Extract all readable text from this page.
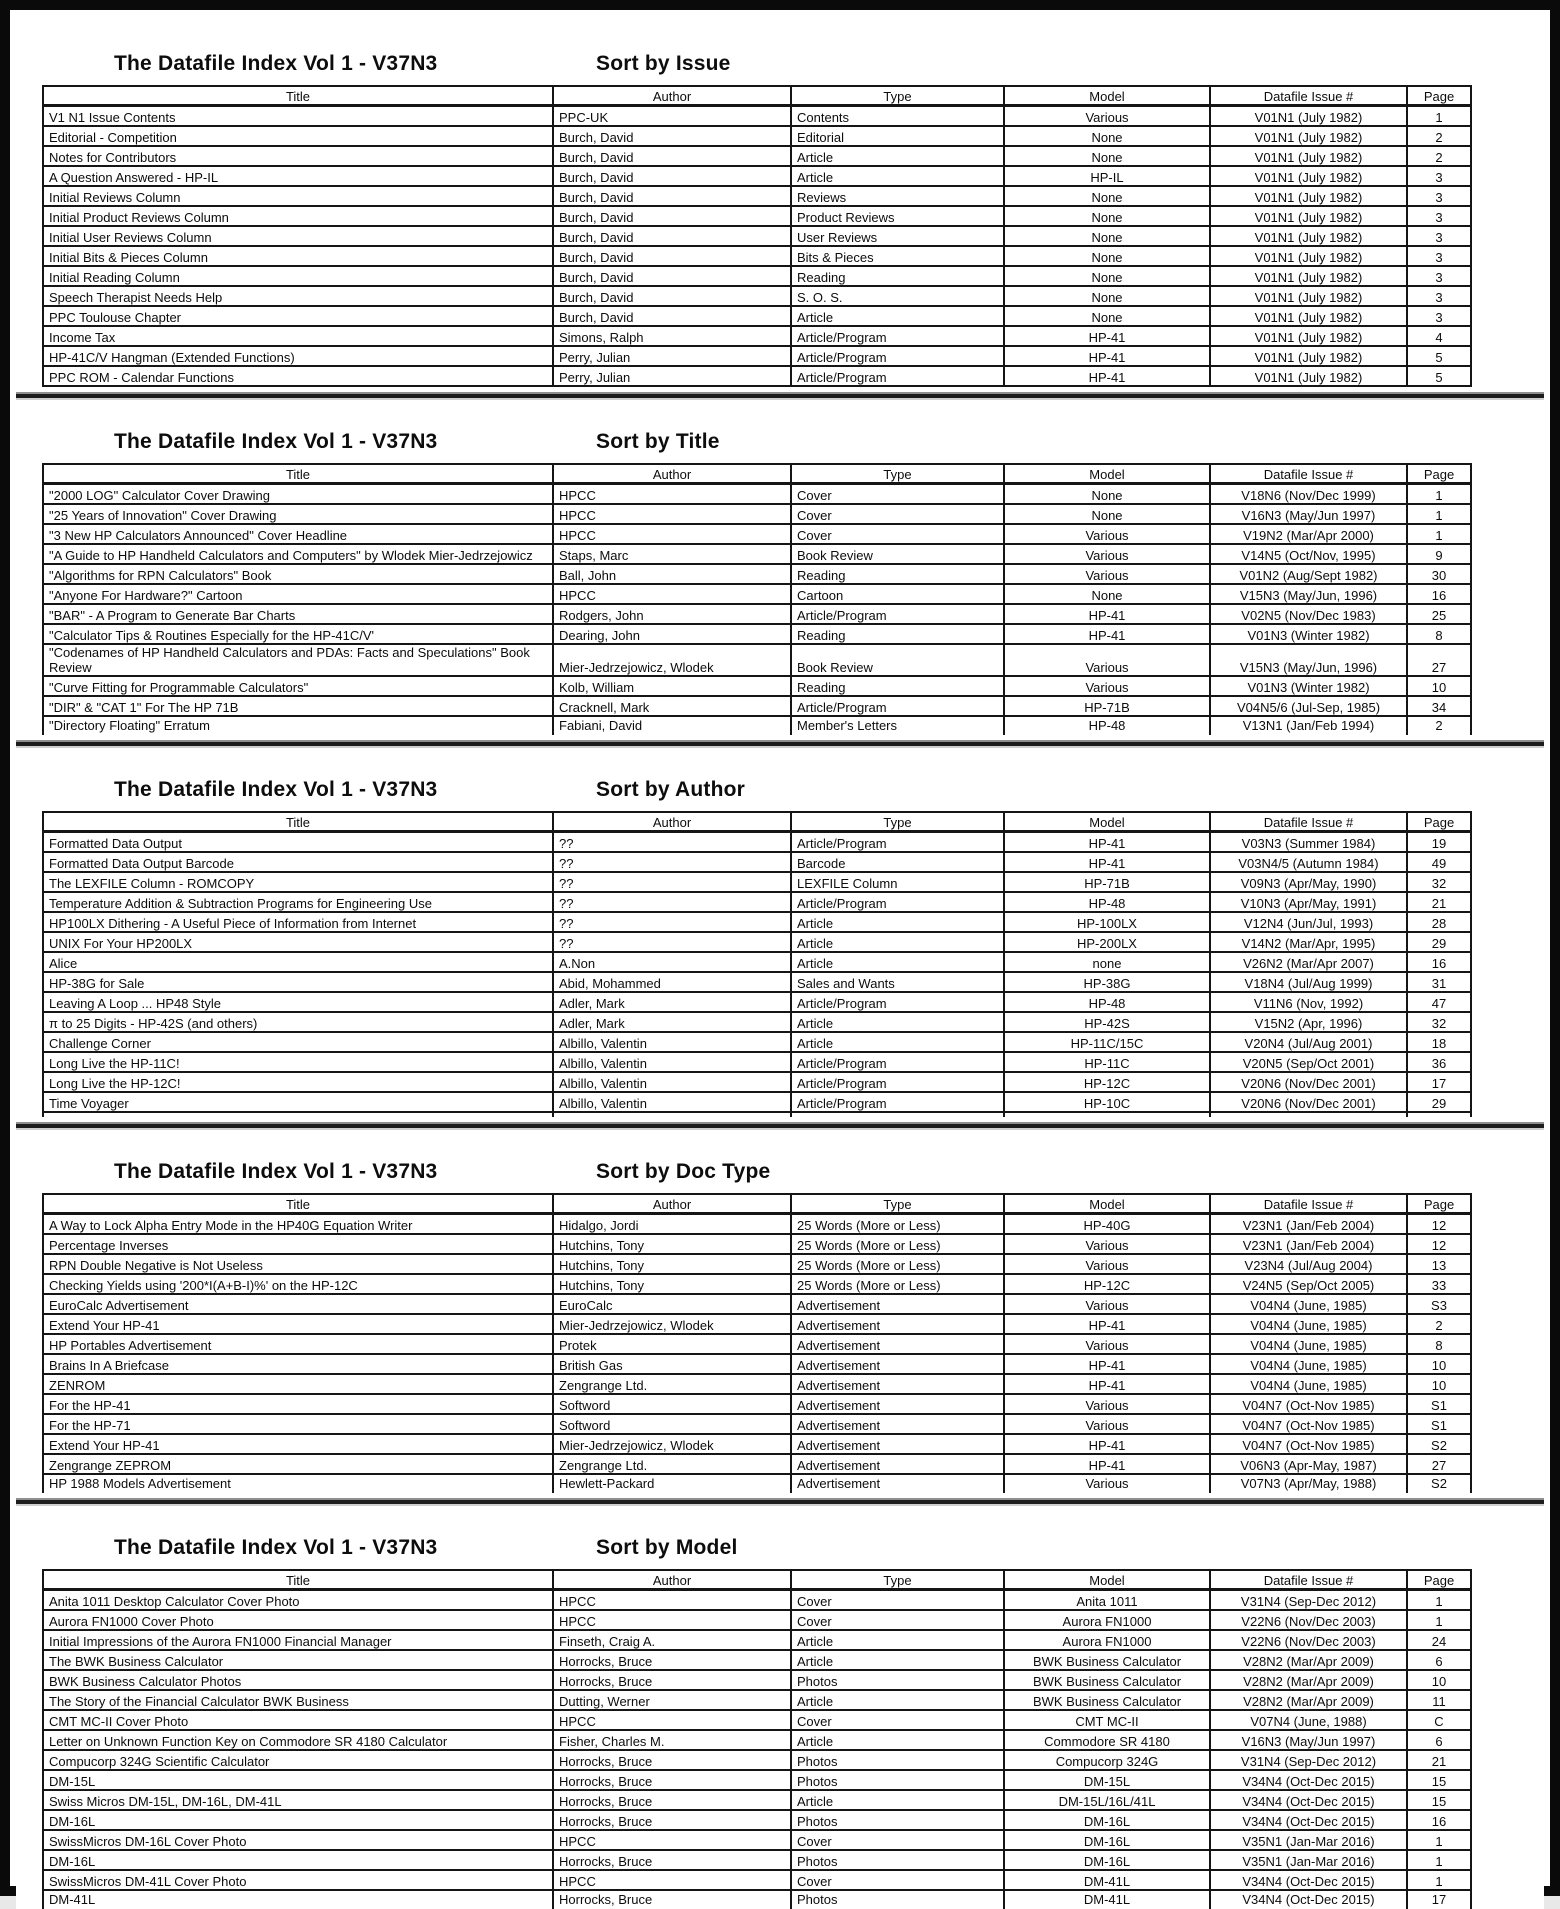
The Datafile Index Vol 1 - V37N3	Sort by Issue
Title	Author	Type	Model	Datafile Issue #	Page
V1 N1 Issue Contents	PPC-UK	Contents	Various	V01N1 (July 1982)	1
Editorial - Competition	Burch, David	Editorial	None	V01N1 (July 1982)	2
Notes for Contributors	Burch, David	Article	None	V01N1 (July 1982)	2
A Question Answered - HP-IL	Burch, David	Article	HP-IL	V01N1 (July 1982)	3
Initial Reviews Column	Burch, David	Reviews	None	V01N1 (July 1982)	3
Initial Product Reviews Column	Burch, David	Product Reviews	None	V01N1 (July 1982)	3
Initial User Reviews Column	Burch, David	User Reviews	None	V01N1 (July 1982)	3
Initial Bits & Pieces Column	Burch, David	Bits & Pieces	None	V01N1 (July 1982)	3
Initial Reading Column	Burch, David	Reading	None	V01N1 (July 1982)	3
Speech Therapist Needs Help	Burch, David	S. O. S.	None	V01N1 (July 1982)	3
PPC Toulouse Chapter	Burch, David	Article	None	V01N1 (July 1982)	3
Income Tax	Simons, Ralph	Article/Program	HP-41	V01N1 (July 1982)	4
HP-41C/V Hangman (Extended Functions)	Perry, Julian	Article/Program	HP-41	V01N1 (July 1982)	5
PPC ROM - Calendar Functions	Perry, Julian	Article/Program	HP-41	V01N1 (July 1982)	5
The Datafile Index Vol 1 - V37N3	Sort by Title
Title	Author	Type	Model	Datafile Issue #	Page
"2000 LOG" Calculator Cover Drawing	HPCC	Cover	None	V18N6 (Nov/Dec 1999)	1
"25 Years of Innovation" Cover Drawing	HPCC	Cover	None	V16N3 (May/Jun 1997)	1
"3 New HP Calculators Announced" Cover Headline	HPCC	Cover	Various	V19N2 (Mar/Apr 2000)	1
"A Guide to HP Handheld Calculators and Computers" by Wlodek Mier-Jedrzejowicz	Staps, Marc	Book Review	Various	V14N5 (Oct/Nov, 1995)	9
"Algorithms for RPN Calculators" Book	Ball, John	Reading	Various	V01N2 (Aug/Sept 1982)	30
"Anyone For Hardware?" Cartoon	HPCC	Cartoon	None	V15N3 (May/Jun, 1996)	16
"BAR" - A Program to Generate Bar Charts	Rodgers, John	Article/Program	HP-41	V02N5 (Nov/Dec 1983)	25
"Calculator Tips & Routines Especially for the HP-41C/V'	Dearing, John	Reading	HP-41	V01N3 (Winter 1982)	8
"Codenames of HP Handheld Calculators and PDAs: Facts and Speculations" Book Review	Mier-Jedrzejowicz, Wlodek	Book Review	Various	V15N3 (May/Jun, 1996)	27
"Curve Fitting for Programmable Calculators"	Kolb, William	Reading	Various	V01N3 (Winter 1982)	10
"DIR" & "CAT 1" For The HP 71B	Cracknell, Mark	Article/Program	HP-71B	V04N5/6 (Jul-Sep, 1985)	34
"Directory Floating" Erratum	Fabiani, David	Member's Letters	HP-48	V13N1 (Jan/Feb 1994)	2
The Datafile Index Vol 1 - V37N3	Sort by Author
Title	Author	Type	Model	Datafile Issue #	Page
Formatted Data Output	??	Article/Program	HP-41	V03N3 (Summer 1984)	19
Formatted Data Output Barcode	??	Barcode	HP-41	V03N4/5 (Autumn 1984)	49
The LEXFILE Column - ROMCOPY	??	LEXFILE Column	HP-71B	V09N3 (Apr/May, 1990)	32
Temperature Addition & Subtraction Programs for Engineering Use	??	Article/Program	HP-48	V10N3 (Apr/May, 1991)	21
HP100LX Dithering - A Useful Piece of Information from Internet	??	Article	HP-100LX	V12N4 (Jun/Jul, 1993)	28
UNIX For Your HP200LX	??	Article	HP-200LX	V14N2 (Mar/Apr, 1995)	29
Alice	A.Non	Article	none	V26N2 (Mar/Apr 2007)	16
HP-38G for Sale	Abid, Mohammed	Sales and Wants	HP-38G	V18N4 (Jul/Aug 1999)	31
Leaving A Loop ... HP48 Style	Adler, Mark	Article/Program	HP-48	V11N6 (Nov, 1992)	47
π to 25 Digits - HP-42S (and others)	Adler, Mark	Article	HP-42S	V15N2 (Apr, 1996)	32
Challenge Corner	Albillo, Valentin	Article	HP-11C/15C	V20N4 (Jul/Aug 2001)	18
Long Live the HP-11C!	Albillo, Valentin	Article/Program	HP-11C	V20N5 (Sep/Oct 2001)	36
Long Live the HP-12C!	Albillo, Valentin	Article/Program	HP-12C	V20N6 (Nov/Dec 2001)	17
Time Voyager	Albillo, Valentin	Article/Program	HP-10C	V20N6 (Nov/Dec 2001)	29

The Datafile Index Vol 1 - V37N3	Sort by Doc Type
Title	Author	Type	Model	Datafile Issue #	Page
A Way to Lock Alpha Entry Mode in the HP40G Equation Writer	Hidalgo, Jordi	25 Words (More or Less)	HP-40G	V23N1 (Jan/Feb 2004)	12
Percentage Inverses	Hutchins, Tony	25 Words (More or Less)	Various	V23N1 (Jan/Feb 2004)	12
RPN Double Negative is Not Useless	Hutchins, Tony	25 Words (More or Less)	Various	V23N4 (Jul/Aug 2004)	13
Checking Yields using '200*I(A+B-I)%' on the HP-12C	Hutchins, Tony	25 Words (More or Less)	HP-12C	V24N5 (Sep/Oct 2005)	33
EuroCalc Advertisement	EuroCalc	Advertisement	Various	V04N4 (June, 1985)	S3
Extend Your HP-41	Mier-Jedrzejowicz, Wlodek	Advertisement	HP-41	V04N4 (June, 1985)	2
HP Portables Advertisement	Protek	Advertisement	Various	V04N4 (June, 1985)	8
Brains In A Briefcase	British Gas	Advertisement	HP-41	V04N4 (June, 1985)	10
ZENROM	Zengrange Ltd.	Advertisement	HP-41	V04N4 (June, 1985)	10
For the HP-41	Softword	Advertisement	Various	V04N7 (Oct-Nov 1985)	S1
For the HP-71	Softword	Advertisement	Various	V04N7 (Oct-Nov 1985)	S1
Extend Your HP-41	Mier-Jedrzejowicz, Wlodek	Advertisement	HP-41	V04N7 (Oct-Nov 1985)	S2
Zengrange ZEPROM	Zengrange Ltd.	Advertisement	HP-41	V06N3 (Apr-May, 1987)	27
HP 1988 Models Advertisement	Hewlett-Packard	Advertisement	Various	V07N3 (Apr/May, 1988)	S2
The Datafile Index Vol 1 - V37N3	Sort by Model
Title	Author	Type	Model	Datafile Issue #	Page
Anita 1011 Desktop Calculator Cover Photo	HPCC	Cover	Anita 1011	V31N4 (Sep-Dec 2012)	1
Aurora FN1000 Cover Photo	HPCC	Cover	Aurora FN1000	V22N6 (Nov/Dec 2003)	1
Initial Impressions of the Aurora FN1000 Financial Manager	Finseth, Craig A.	Article	Aurora FN1000	V22N6 (Nov/Dec 2003)	24
The BWK Business Calculator	Horrocks, Bruce	Article	BWK Business Calculator	V28N2 (Mar/Apr 2009)	6
BWK Business Calculator Photos	Horrocks, Bruce	Photos	BWK Business Calculator	V28N2 (Mar/Apr 2009)	10
The Story of the Financial Calculator BWK Business	Dutting, Werner	Article	BWK Business Calculator	V28N2 (Mar/Apr 2009)	11
CMT MC-II Cover Photo	HPCC	Cover	CMT MC-II	V07N4 (June, 1988)	C
Letter on Unknown Function Key on Commodore SR 4180 Calculator	Fisher, Charles M.	Article	Commodore SR 4180	V16N3 (May/Jun 1997)	6
Compucorp 324G Scientific Calculator	Horrocks, Bruce	Photos	Compucorp 324G	V31N4 (Sep-Dec 2012)	21
DM-15L	Horrocks, Bruce	Photos	DM-15L	V34N4 (Oct-Dec 2015)	15
Swiss Micros DM-15L, DM-16L, DM-41L	Horrocks, Bruce	Article	DM-15L/16L/41L	V34N4 (Oct-Dec 2015)	15
DM-16L	Horrocks, Bruce	Photos	DM-16L	V34N4 (Oct-Dec 2015)	16
SwissMicros DM-16L Cover Photo	HPCC	Cover	DM-16L	V35N1 (Jan-Mar 2016)	1
DM-16L	Horrocks, Bruce	Photos	DM-16L	V35N1 (Jan-Mar 2016)	1
SwissMicros DM-41L Cover Photo	HPCC	Cover	DM-41L	V34N4 (Oct-Dec 2015)	1
DM-41L	Horrocks, Bruce	Photos	DM-41L	V34N4 (Oct-Dec 2015)	17
